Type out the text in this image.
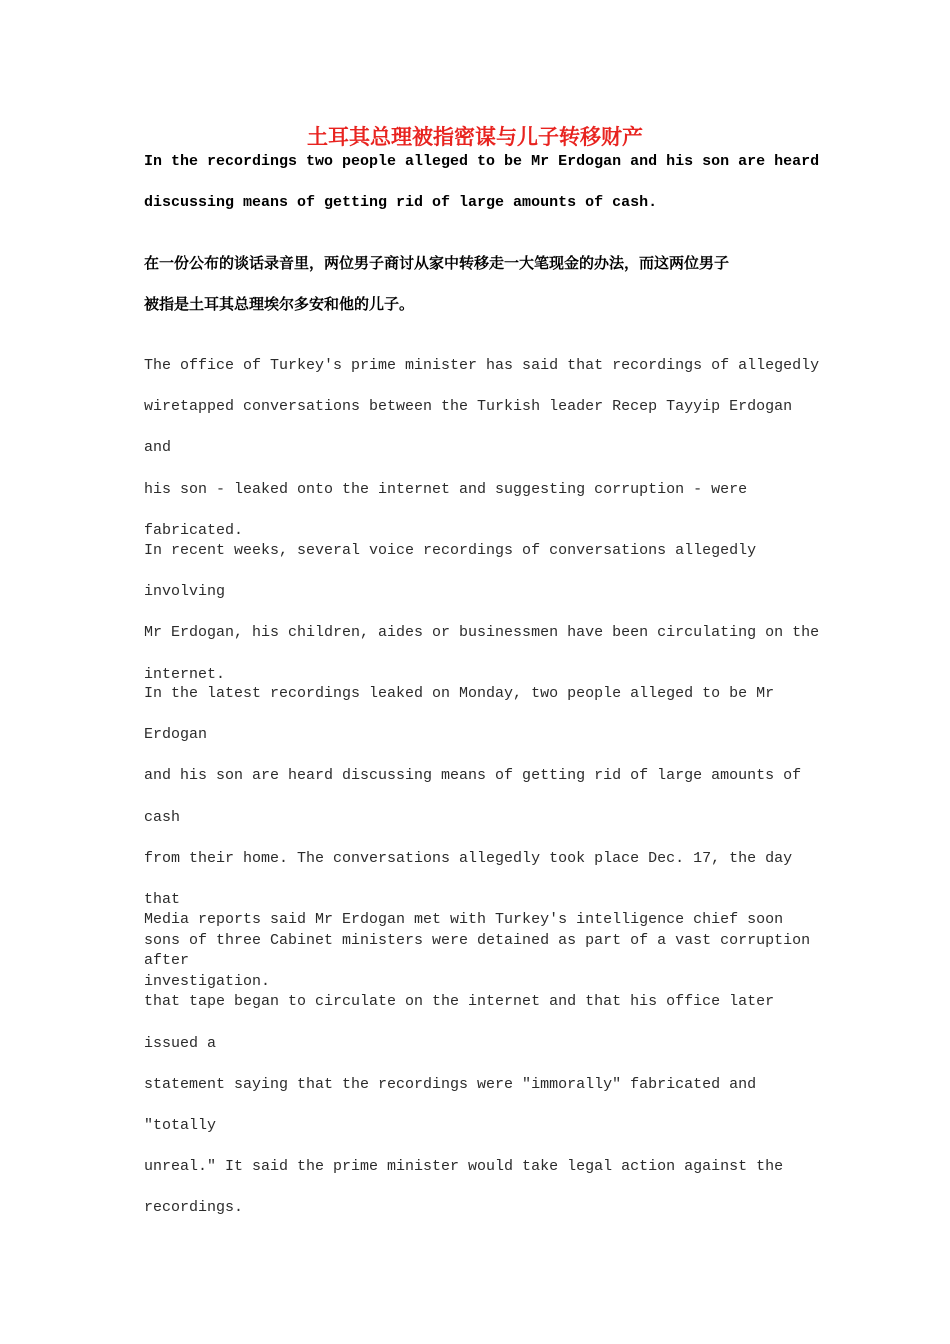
土耳其总理被指密谋与儿子转移财产

In the recordings two people alleged to be Mr Erdogan and his son are heard
discussing means of getting rid of large amounts of cash.

在一份公布的谈话录音里，两位男子商讨从家中转移走一大笔现金的办法，而这两位男子
被指是土耳其总理埃尔多安和他的儿子。

The office of Turkey's prime minister has said that recordings of allegedly
wiretapped conversations between the Turkish leader Recep Tayyip Erdogan and
his son - leaked onto the internet and suggesting corruption - were
fabricated.

In recent weeks, several voice recordings of conversations allegedly involving
Mr Erdogan, his children, aides or businessmen have been circulating on the
internet.

In the latest recordings leaked on Monday, two people alleged to be Mr Erdogan
and his son are heard discussing means of getting rid of large amounts of cash
from their home. The conversations allegedly took place Dec. 17, the day that
sons of three Cabinet ministers were detained as part of a vast corruption
investigation.

Media reports said Mr Erdogan met with Turkey's intelligence chief soon after
that tape began to circulate on the internet and that his office later issued a
statement saying that the recordings were "immorally" fabricated and "totally
unreal." It said the prime minister would take legal action against the
recordings.
